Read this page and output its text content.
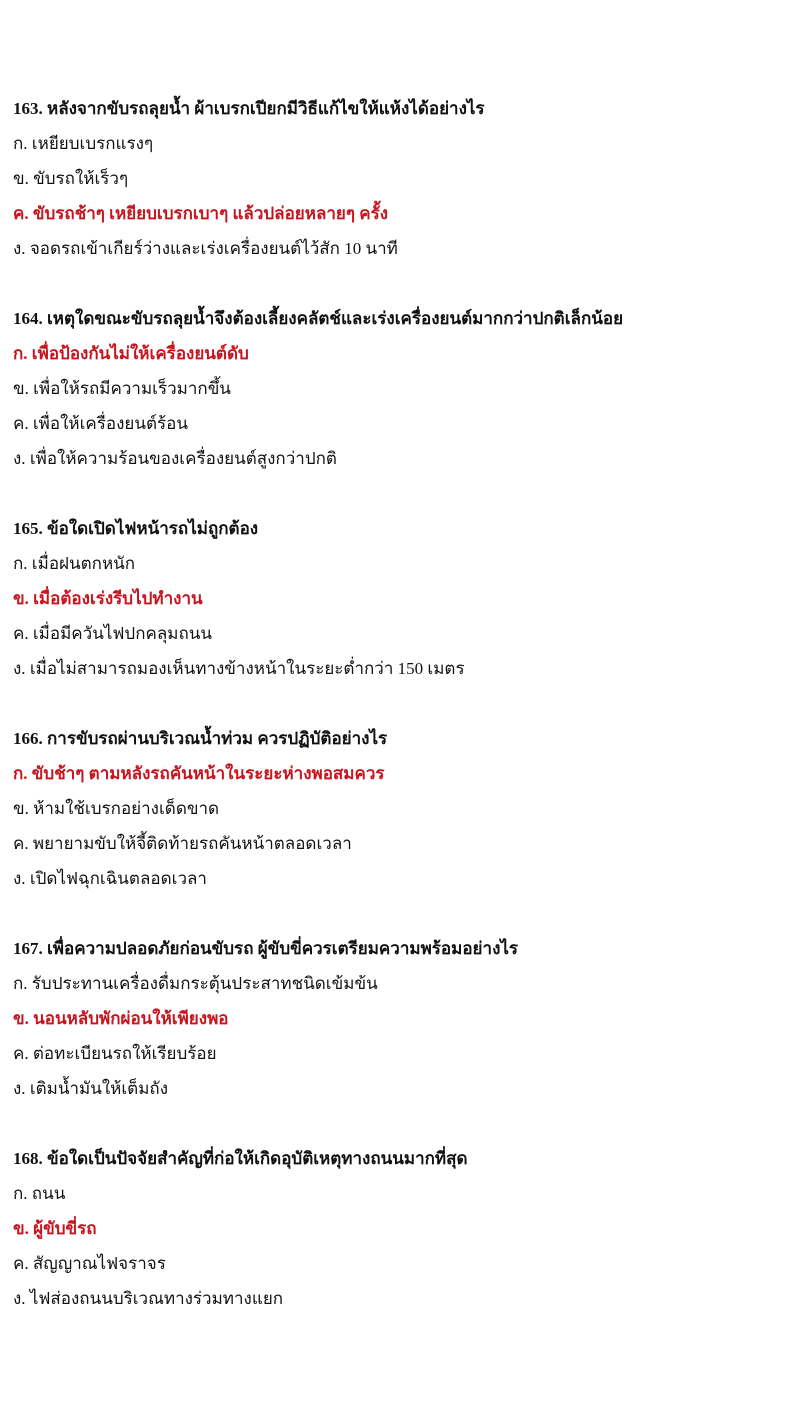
163. หลังจากขับรถลุยน้ำ ผ้าเบรกเปียกมีวิธีแก้ไขให้แห้งได้อย่างไร
ก. เหยียบเบรกแรงๆ
ข. ขับรถให้เร็วๆ
ค. ขับรถช้าๆ เหยียบเบรกเบาๆ แล้วปล่อยหลายๆ ครั้ง
ง. จอดรถเข้าเกียร์ว่างและเร่งเครื่องยนต์ไว้สัก 10 นาที
164. เหตุใดขณะขับรถลุยน้ำจึงต้องเลี้ยงคลัตช์และเร่งเครื่องยนต์มากกว่าปกติเล็กน้อย
ก. เพื่อป้องกันไม่ให้เครื่องยนต์ดับ
ข. เพื่อให้รถมีความเร็วมากขึ้น
ค. เพื่อให้เครื่องยนต์ร้อน
ง. เพื่อให้ความร้อนของเครื่องยนต์สูงกว่าปกติ
165. ข้อใดเปิดไฟหน้ารถไม่ถูกต้อง
ก. เมื่อฝนตกหนัก
ข. เมื่อต้องเร่งรีบไปทำงาน
ค. เมื่อมีควันไฟปกคลุมถนน
ง. เมื่อไม่สามารถมองเห็นทางข้างหน้าในระยะต่ำกว่า 150 เมตร
166. การขับรถผ่านบริเวณน้ำท่วม ควรปฏิบัติอย่างไร
ก. ขับช้าๆ ตามหลังรถคันหน้าในระยะห่างพอสมควร
ข. ห้ามใช้เบรกอย่างเด็ดขาด
ค. พยายามขับให้จี้ติดท้ายรถคันหน้าตลอดเวลา
ง. เปิดไฟฉุกเฉินตลอดเวลา
167. เพื่อความปลอดภัยก่อนขับรถ ผู้ขับขี่ควรเตรียมความพร้อมอย่างไร
ก. รับประทานเครื่องดื่มกระตุ้นประสาทชนิดเข้มข้น
ข. นอนหลับพักผ่อนให้เพียงพอ
ค. ต่อทะเบียนรถให้เรียบร้อย
ง. เติมน้ำมันให้เต็มถัง
168. ข้อใดเป็นปัจจัยสำคัญที่ก่อให้เกิดอุบัติเหตุทางถนนมากที่สุด
ก. ถนน
ข. ผู้ขับขี่รถ
ค. สัญญาณไฟจราจร
ง. ไฟส่องถนนบริเวณทางร่วมทางแยก
